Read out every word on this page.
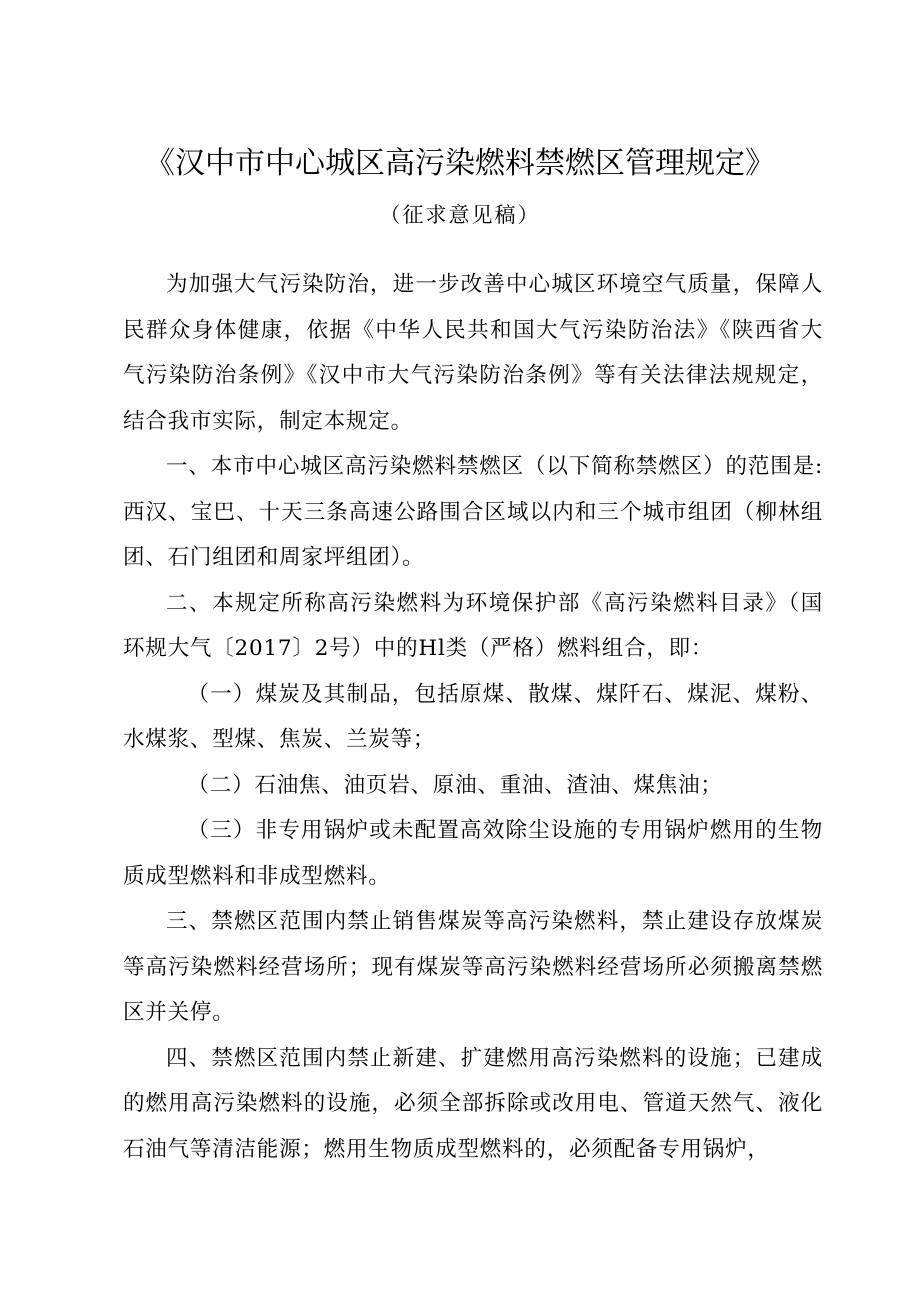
《汉中市中心城区高污染燃料禁燃区管理规定》
（征求意见稿）

为加强大气污染防治，进一步改善中心城区环境空气质量，保障人民群众身体健康，依据《中华人民共和国大气污染防治法》《陕西省大气污染防治条例》《汉中市大气污染防治条例》等有关法律法规规定，结合我市实际，制定本规定。

一、本市中心城区高污染燃料禁燃区（以下简称禁燃区）的范围是: 西汉、宝巴、十天三条高速公路围合区域以内和三个城市组团（柳林组团、石门组团和周家坪组团）。

二、本规定所称高污染燃料为环境保护部《高污染燃料目录》（国环规大气〔2017〕2号）中的Hl类（严格）燃料组合，即：

（一）煤炭及其制品，包括原煤、散煤、煤阡石、煤泥、煤粉、水煤浆、型煤、焦炭、兰炭等；

（二）石油焦、油页岩、原油、重油、渣油、煤焦油；

（三）非专用锅炉或未配置高效除尘设施的专用锅炉燃用的生物质成型燃料和非成型燃料。

三、禁燃区范围内禁止销售煤炭等高污染燃料，禁止建设存放煤炭等高污染燃料经营场所；现有煤炭等高污染燃料经营场所必须搬离禁燃区并关停。

四、禁燃区范围内禁止新建、扩建燃用高污染燃料的设施；已建成的燃用高污染燃料的设施，必须全部拆除或改用电、管道天然气、液化石油气等清洁能源；燃用生物质成型燃料的，必须配备专用锅炉，
